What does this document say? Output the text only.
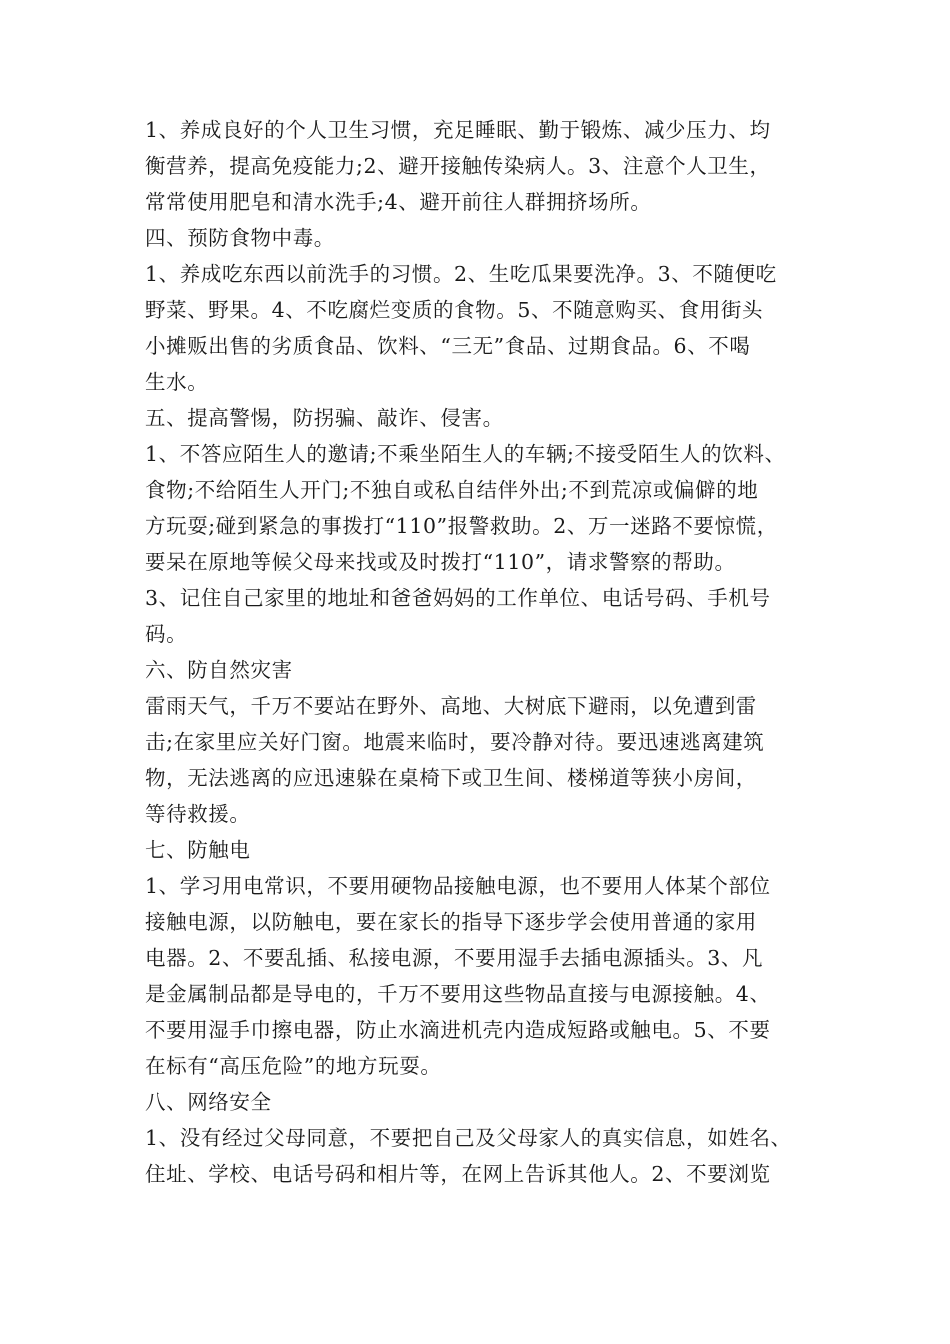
1、养成良好的个人卫生习惯，充足睡眠、勤于锻炼、减少压力、均
衡营养，提高免疫能力;2、避开接触传染病人。3、注意个人卫生，
常常使用肥皂和清水洗手;4、避开前往人群拥挤场所。
四、预防食物中毒。
1、养成吃东西以前洗手的习惯。2、生吃瓜果要洗净。3、不随便吃
野菜、野果。4、不吃腐烂变质的食物。5、不随意购买、食用街头
小摊贩出售的劣质食品、饮料、“三无”食品、过期食品。6、不喝
生水。
五、提高警惕，防拐骗、敲诈、侵害。
1、不答应陌生人的邀请;不乘坐陌生人的车辆;不接受陌生人的饮料、
食物;不给陌生人开门;不独自或私自结伴外出;不到荒凉或偏僻的地
方玩耍;碰到紧急的事拨打“110”报警救助。2、万一迷路不要惊慌，
要呆在原地等候父母来找或及时拨打“110”，请求警察的帮助。
3、记住自己家里的地址和爸爸妈妈的工作单位、电话号码、手机号
码。
六、防自然灾害
雷雨天气，千万不要站在野外、高地、大树底下避雨，以免遭到雷
击;在家里应关好门窗。地震来临时，要冷静对待。要迅速逃离建筑
物，无法逃离的应迅速躲在桌椅下或卫生间、楼梯道等狭小房间，
等待救援。
七、防触电
1、学习用电常识，不要用硬物品接触电源，也不要用人体某个部位
接触电源，以防触电，要在家长的指导下逐步学会使用普通的家用
电器。2、不要乱插、私接电源，不要用湿手去插电源插头。3、凡
是金属制品都是导电的，千万不要用这些物品直接与电源接触。4、
不要用湿手巾擦电器，防止水滴进机壳内造成短路或触电。5、不要
在标有“高压危险”的地方玩耍。
八、网络安全
1、没有经过父母同意，不要把自己及父母家人的真实信息，如姓名、
住址、学校、电话号码和相片等，在网上告诉其他人。2、不要浏览
